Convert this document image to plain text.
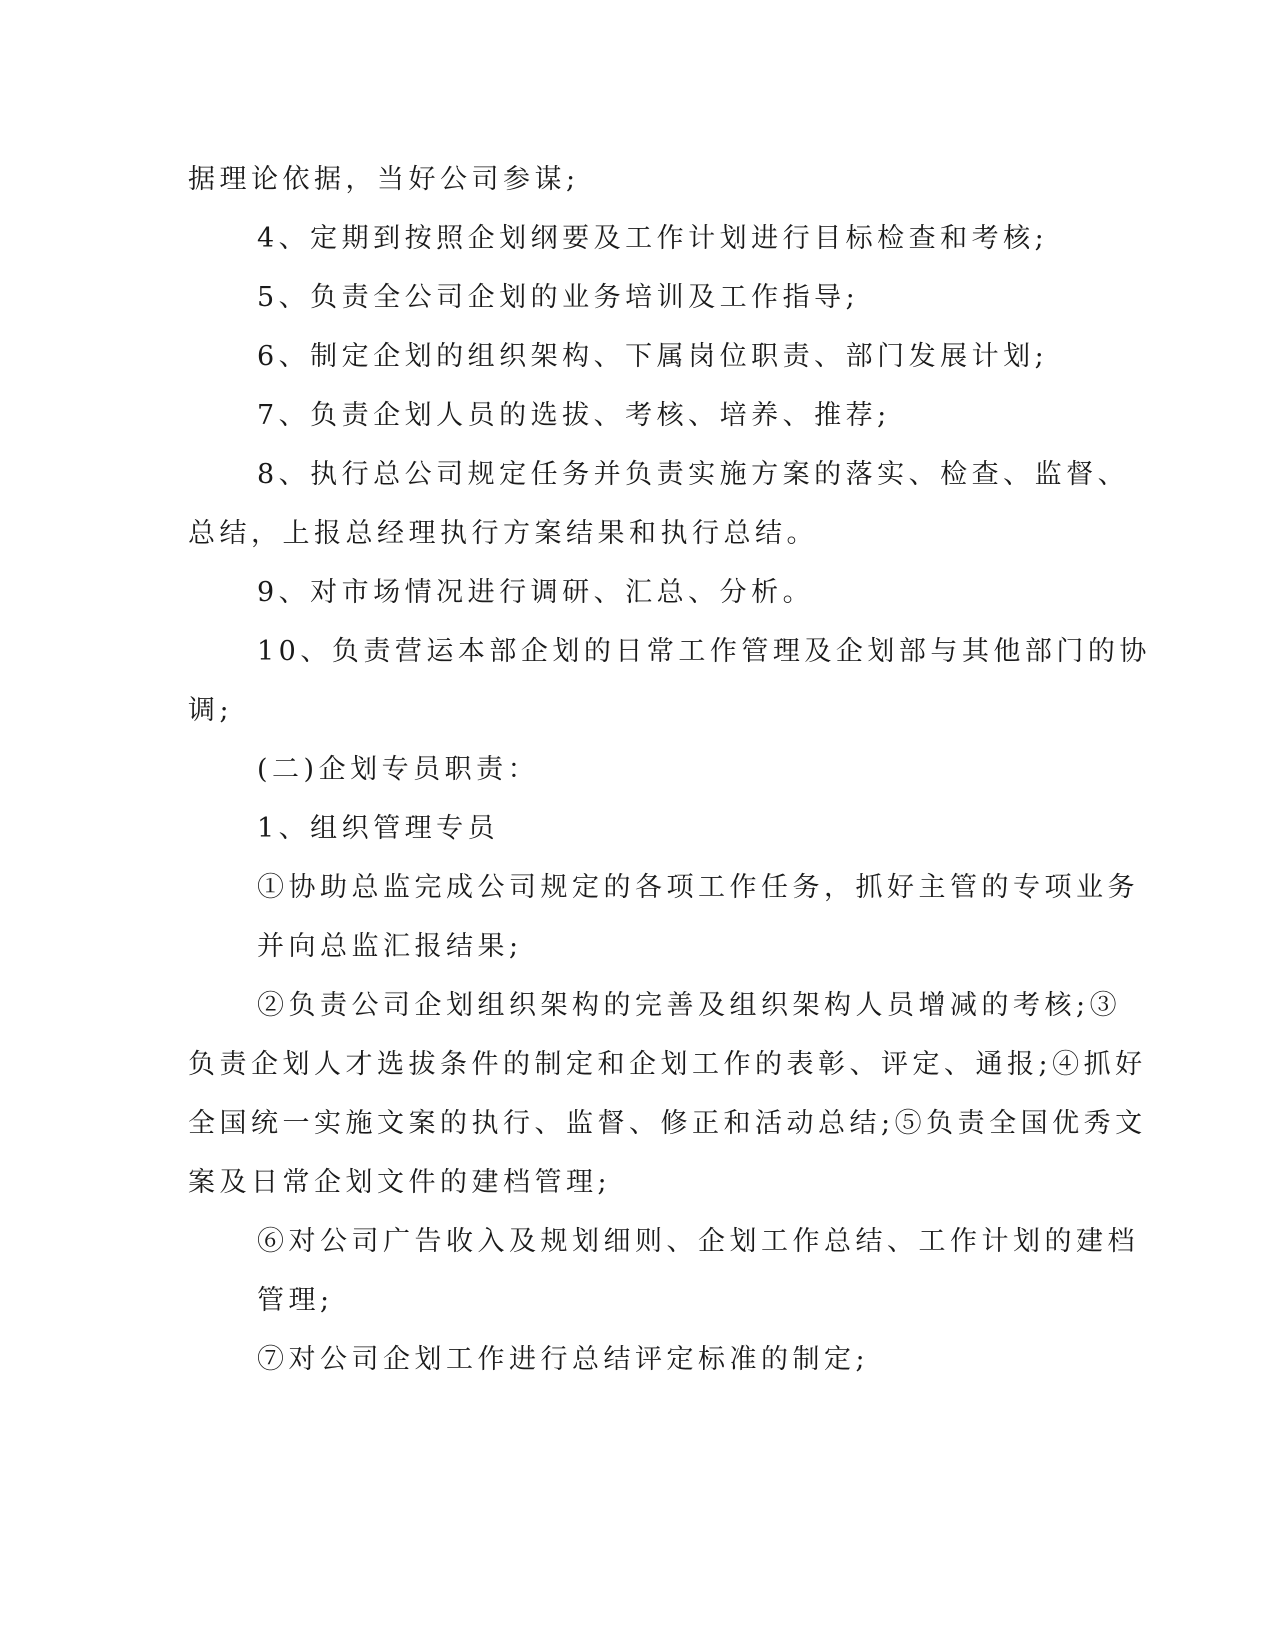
据理论依据，当好公司参谋;
4、定期到按照企划纲要及工作计划进行目标检查和考核;
5、负责全公司企划的业务培训及工作指导;
6、制定企划的组织架构、下属岗位职责、部门发展计划;
7、负责企划人员的选拔、考核、培养、推荐;
8、执行总公司规定任务并负责实施方案的落实、检查、监督、
总结，上报总经理执行方案结果和执行总结。
9、对市场情况进行调研、汇总、分析。
10、负责营运本部企划的日常工作管理及企划部与其他部门的协
调;
(二)企划专员职责：
1、组织管理专员
①协助总监完成公司规定的各项工作任务，抓好主管的专项业务
并向总监汇报结果;
②负责公司企划组织架构的完善及组织架构人员增减的考核;③
负责企划人才选拔条件的制定和企划工作的表彰、评定、通报;④抓好
全国统一实施文案的执行、监督、修正和活动总结;⑤负责全国优秀文
案及日常企划文件的建档管理;
⑥对公司广告收入及规划细则、企划工作总结、工作计划的建档
管理;
⑦对公司企划工作进行总结评定标准的制定;
